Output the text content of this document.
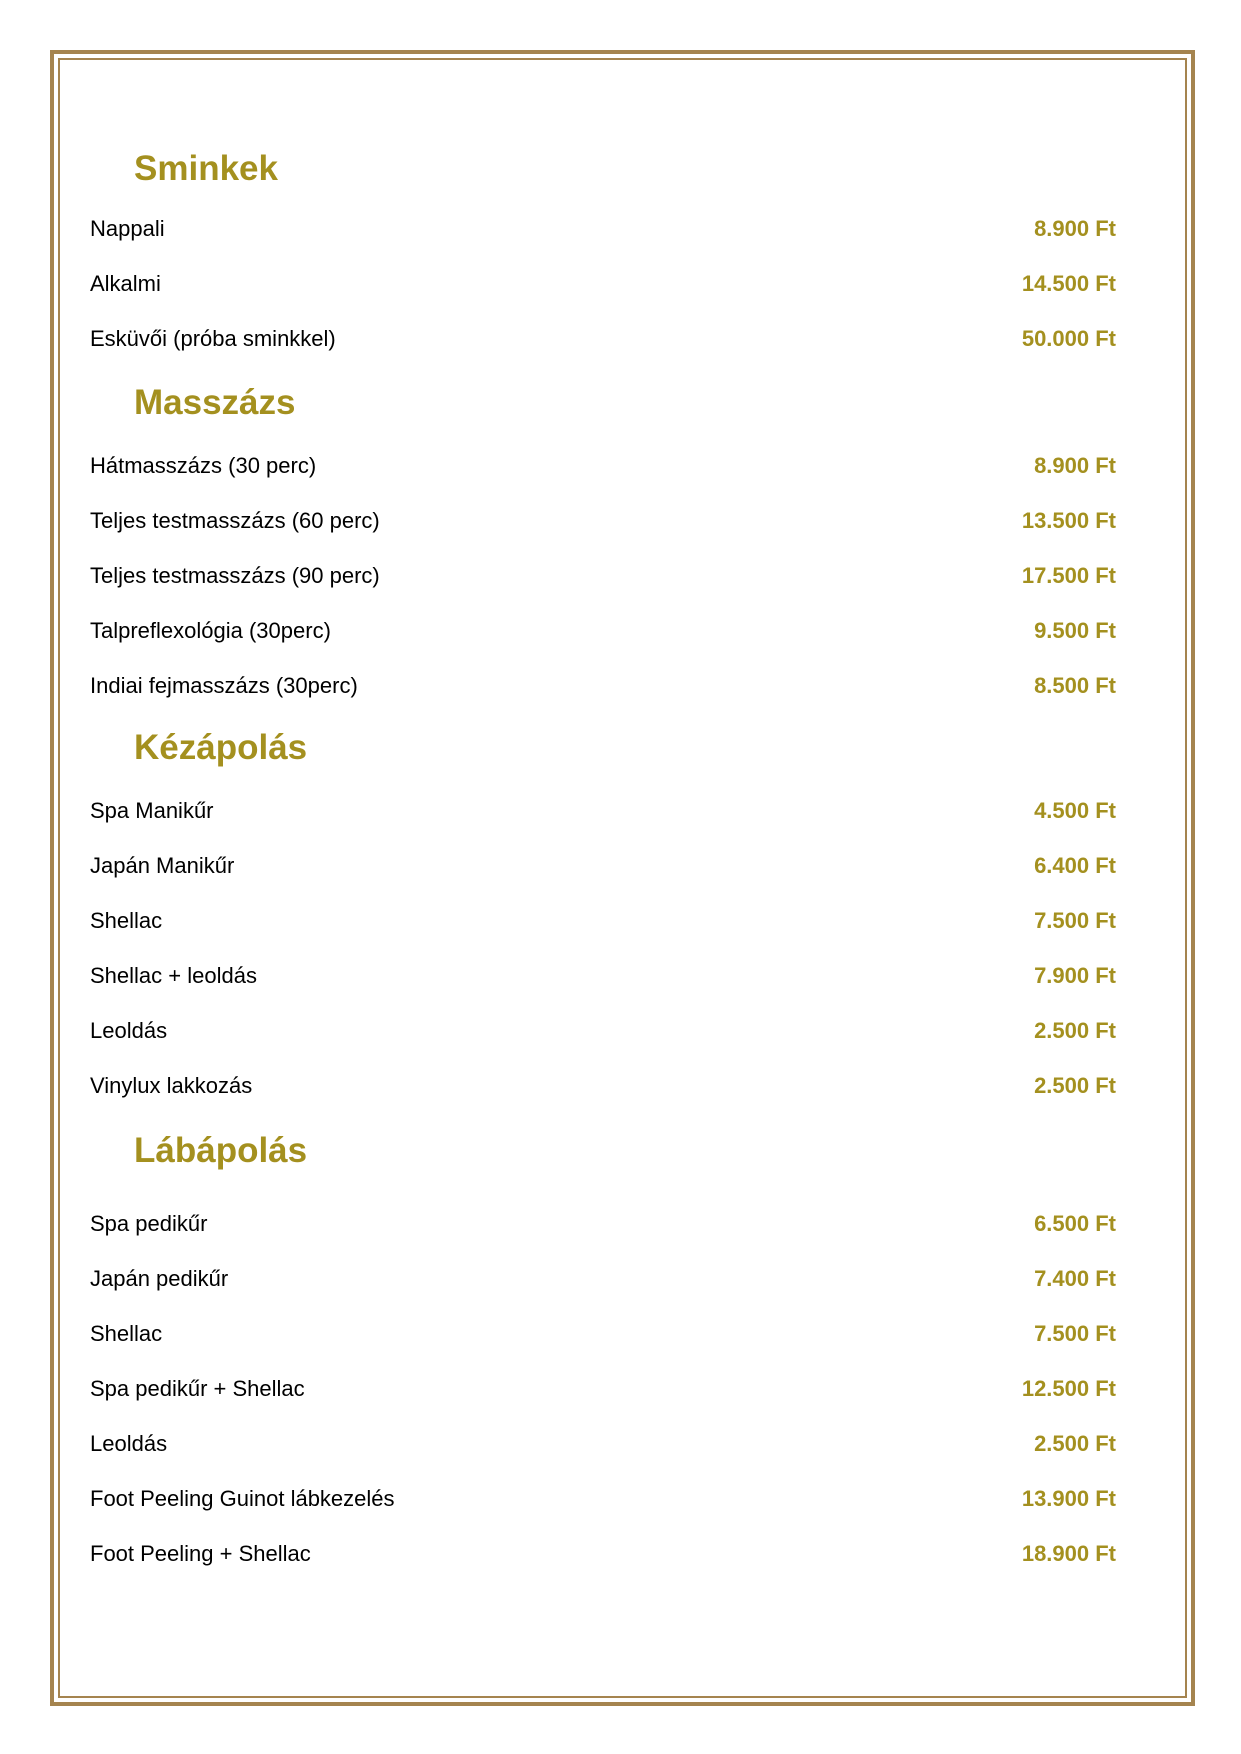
Sminkek
Nappali	8.900 Ft
Alkalmi	14.500 Ft
Esküvői (próba sminkkel)	50.000 Ft
Masszázs
Hátmasszázs (30 perc)	8.900 Ft
Teljes testmasszázs (60 perc)	13.500 Ft
Teljes testmasszázs (90 perc)	17.500 Ft
Talpreflexológia (30perc)	9.500 Ft
Indiai fejmasszázs (30perc)	8.500 Ft
Kézápolás
Spa Manikűr	4.500 Ft
Japán Manikűr	6.400 Ft
Shellac	7.500 Ft
Shellac + leoldás	7.900 Ft
Leoldás	2.500 Ft
Vinylux lakkozás	2.500 Ft
Lábápolás
Spa pedikűr	6.500 Ft
Japán pedikűr	7.400 Ft
Shellac	7.500 Ft
Spa pedikűr + Shellac	12.500 Ft
Leoldás	2.500 Ft
Foot Peeling Guinot lábkezelés	13.900 Ft
Foot Peeling + Shellac	18.900 Ft
